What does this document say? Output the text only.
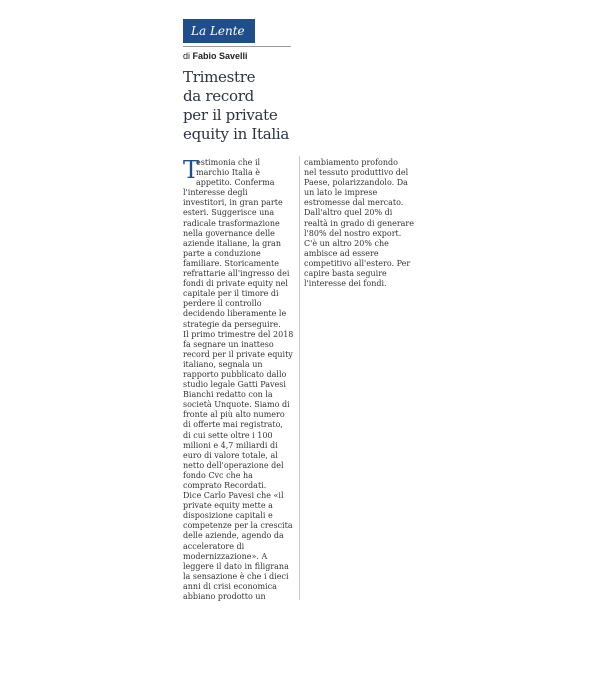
La Lente
di Fabio Savelli
Trimestre
da record
per il private
equity in Italia
T
estimonia che il
marchio Italia è
appetito. Conferma
l'interesse degli
investitori, in gran parte
esteri. Suggerisce una
radicale trasformazione
nella governance delle
aziende italiane, la gran
parte a conduzione
familiare. Storicamente
refrattarie all'ingresso dei
fondi di private equity nel
capitale per il timore di
perdere il controllo
decidendo liberamente le
strategie da perseguire.
Il primo trimestre del 2018
fa segnare un inatteso
record per il private equity
italiano, segnala un
rapporto pubblicato dallo
studio legale Gatti Pavesi
Bianchi redatto con la
società Unquote. Siamo di
fronte al più alto numero
di offerte mai registrato,
di cui sette oltre i 100
milioni e 4,7 miliardi di
euro di valore totale, al
netto dell'operazione del
fondo Cvc che ha
comprato Recordati.
Dice Carlo Pavesi che «il
private equity mette a
disposizione capitali e
competenze per la crescita
delle aziende, agendo da
acceleratore di
modernizzazione». A
leggere il dato in filigrana
la sensazione è che i dieci
anni di crisi economica
abbiano prodotto un
cambiamento profondo
nel tessuto produttivo del
Paese, polarizzandolo. Da
un lato le imprese
estromesse dal mercato.
Dall'altro quel 20% di
realtà in grado di generare
l'80% del nostro export.
C'è un altro 20% che
ambisce ad essere
competitivo all'estero. Per
capire basta seguire
l'interesse dei fondi.
